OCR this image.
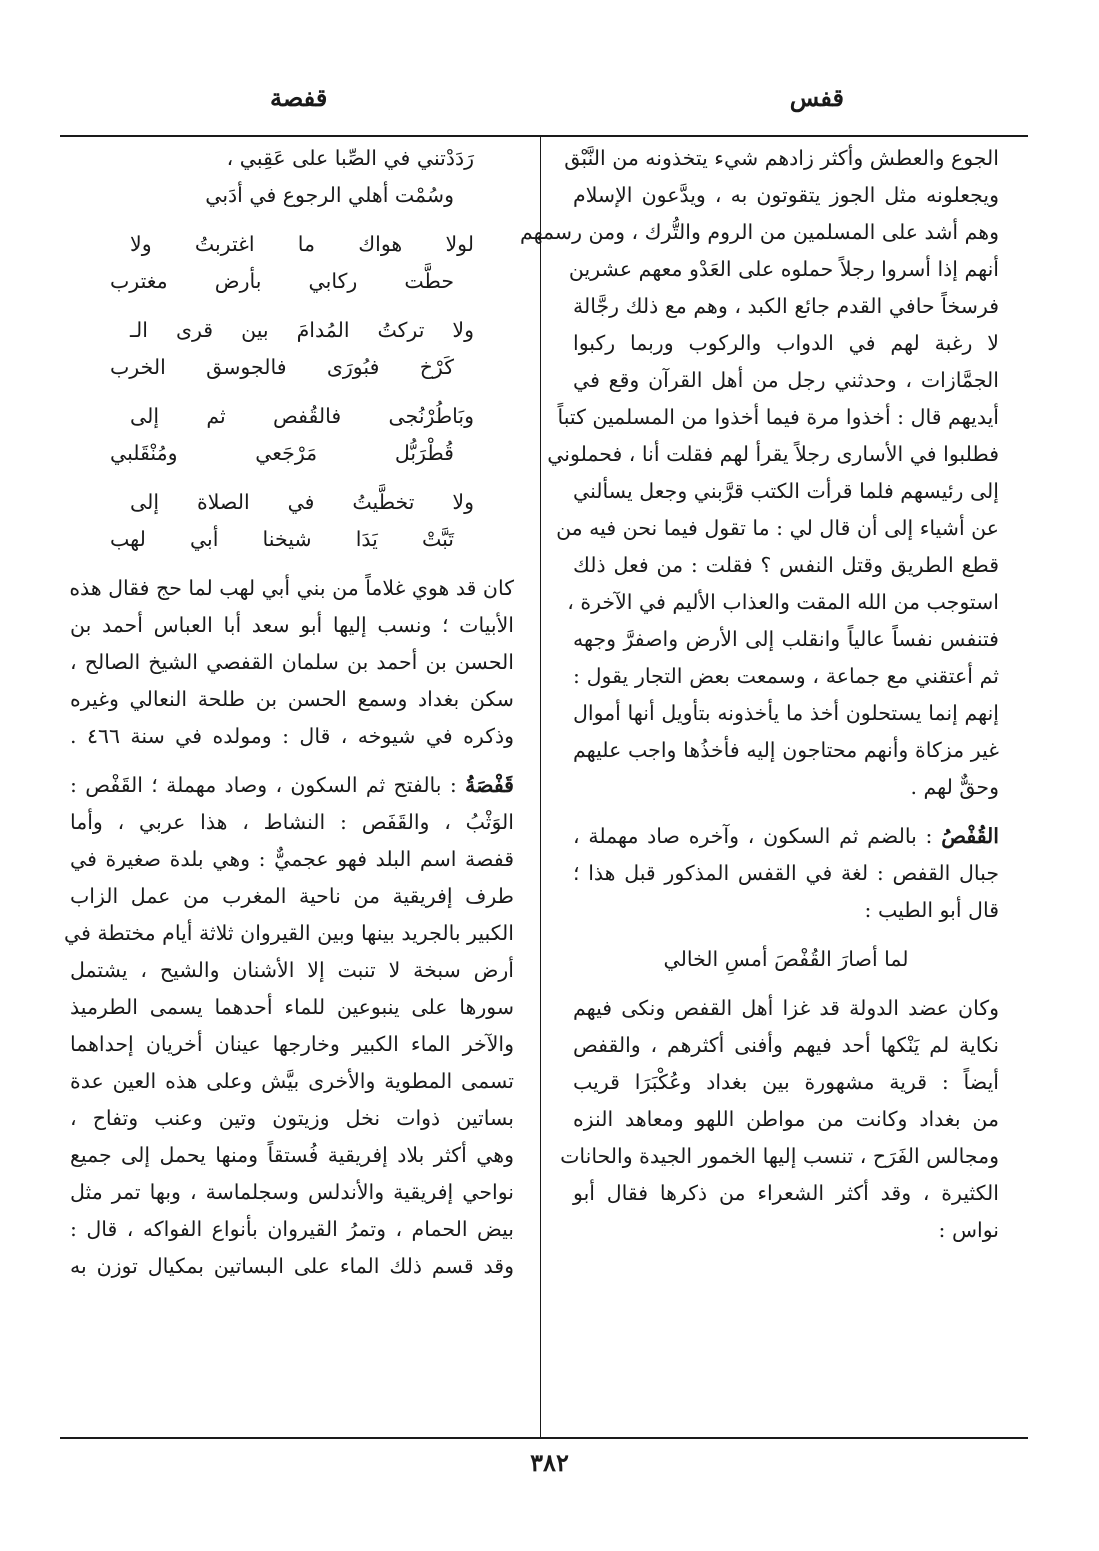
قفس
قفصة
الجوع والعطش وأكثر زادهم شيء يتخذونه من النَّبْق
ويجعلونه مثل الجوز يتقوتون به ، ويدَّعون الإسلام
وهم أشد على المسلمين من الروم والتُّرك ، ومن رسمهم
أنهم إذا أسروا رجلاً حملوه على العَدْو معهم عشرين
فرسخاً حافي القدم جائع الكبد ، وهم مع ذلك رجَّالة
لا رغبة لهم في الدواب والركوب وربما ركبوا
الجمَّازات ، وحدثني رجل من أهل القرآن وقع في
أيديهم قال : أخذوا مرة فيما أخذوا من المسلمين كتباً
فطلبوا في الأسارى رجلاً يقرأ لهم فقلت أنا ، فحملوني
إلى رئيسهم فلما قرأت الكتب قرَّبني وجعل يسألني
عن أشياء إلى أن قال لي : ما تقول فيما نحن فيه من
قطع الطريق وقتل النفس ؟ فقلت : من فعل ذلك
استوجب من الله المقت والعذاب الأليم في الآخرة ،
فتنفس نفساً عالياً وانقلب إلى الأرض واصفرَّ وجهه
ثم أعتقني مع جماعة ، وسمعت بعض التجار يقول :
إنهم إنما يستحلون أخذ ما يأخذونه بتأويل أنها أموال
غير مزكاة وأنهم محتاجون إليه فأخذُها واجب عليهم
وحقٌّ لهم .
القُفْصُ : بالضم ثم السكون ، وآخره صاد مهملة ،
جبال القفص : لغة في القفس المذكور قبل هذا ؛
قال أبو الطيب :
لما أصارَ القُفْصَ أمسِ الخالي
وكان عضد الدولة قد غزا أهل القفص ونكى فيهم
نكاية لم يَنْكها أحد فيهم وأفنى أكثرهم ، والقفص
أيضاً : قرية مشهورة بين بغداد وعُكْبَرَا قريب
من بغداد وكانت من مواطن اللهو ومعاهد النزه
ومجالس الفَرَح ، تنسب إليها الخمور الجيدة والحانات
الكثيرة ، وقد أكثر الشعراء من ذكرها فقال أبو
نواس :
رَدَدْتني في الصِّبا على عَقِبي ،
وسُمْت أهلي الرجوع في أدَبي
لولا هواك ما اغتربتُ ولا
حطَّت ركابي بأرض مغترب
ولا تركتُ المُدامَ بين قرى الـ
كَرْخ فبُورَى فالجوسق الخرب
وبَاطُرْنُجى فالقُفص ثم إلى
قُطْرَبُّل مَرْجَعي ومُنْقَلبي
ولا تخطَّيتُ في الصلاة إلى
تَبَّتْ يَدَا شيخنا أبي لهب
كان قد هوي غلاماً من بني أبي لهب لما حج فقال هذه
الأبيات ؛ ونسب إليها أبو سعد أبا العباس أحمد بن
الحسن بن أحمد بن سلمان القفصي الشيخ الصالح ،
سكن بغداد وسمع الحسن بن طلحة النعالي وغيره
وذكره في شيوخه ، قال : ومولده في سنة ٤٦٦ .
قَفْصَةُ : بالفتح ثم السكون ، وصاد مهملة ؛ القَفْص :
الوَثْبُ ، والقَفَص : النشاط ، هذا عربي ، وأما
قفصة اسم البلد فهو عجميٌّ : وهي بلدة صغيرة في
طرف إفريقية من ناحية المغرب من عمل الزاب
الكبير بالجريد بينها وبين القيروان ثلاثة أيام مختطة في
أرض سبخة لا تنبت إلا الأشنان والشيح ، يشتمل
سورها على ينبوعين للماء أحدهما يسمى الطرميذ
والآخر الماء الكبير وخارجها عينان أخريان إحداهما
تسمى المطوية والأخرى بيَّش وعلى هذه العين عدة
بساتين ذوات نخل وزيتون وتين وعنب وتفاح ،
وهي أكثر بلاد إفريقية فُستقاً ومنها يحمل إلى جميع
نواحي إفريقية والأندلس وسجلماسة ، وبها تمر مثل
بيض الحمام ، وتمرُ القيروان بأنواع الفواكه ، قال :
وقد قسم ذلك الماء على البساتين بمكيال توزن به
٣٨٢
